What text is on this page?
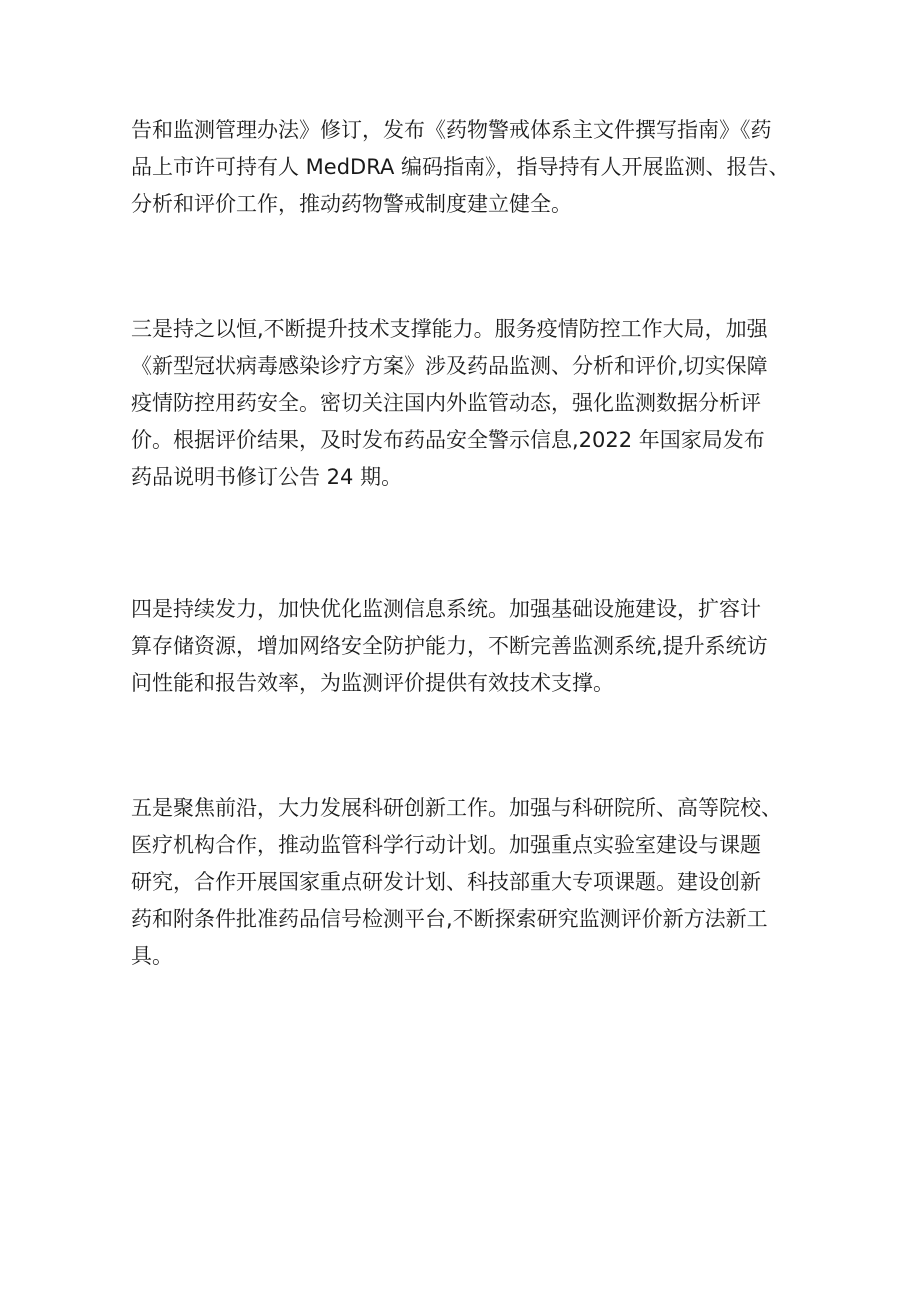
告和监测管理办法》修订，发布《药物警戒体系主文件撰写指南》《药
品上市许可持有人 MedDRA 编码指南》，指导持有人开展监测、报告、
分析和评价工作，推动药物警戒制度建立健全。
三是持之以恒,不断提升技术支撑能力。服务疫情防控工作大局，加强
《新型冠状病毒感染诊疗方案》涉及药品监测、分析和评价,切实保障
疫情防控用药安全。密切关注国内外监管动态，强化监测数据分析评
价。根据评价结果，及时发布药品安全警示信息,2022 年国家局发布
药品说明书修订公告 24 期。
四是持续发力，加快优化监测信息系统。加强基础设施建设，扩容计
算存储资源，增加网络安全防护能力，不断完善监测系统,提升系统访
问性能和报告效率，为监测评价提供有效技术支撑。
五是聚焦前沿，大力发展科研创新工作。加强与科研院所、高等院校、
医疗机构合作，推动监管科学行动计划。加强重点实验室建设与课题
研究，合作开展国家重点研发计划、科技部重大专项课题。建设创新
药和附条件批准药品信号检测平台,不断探索研究监测评价新方法新工
具。
